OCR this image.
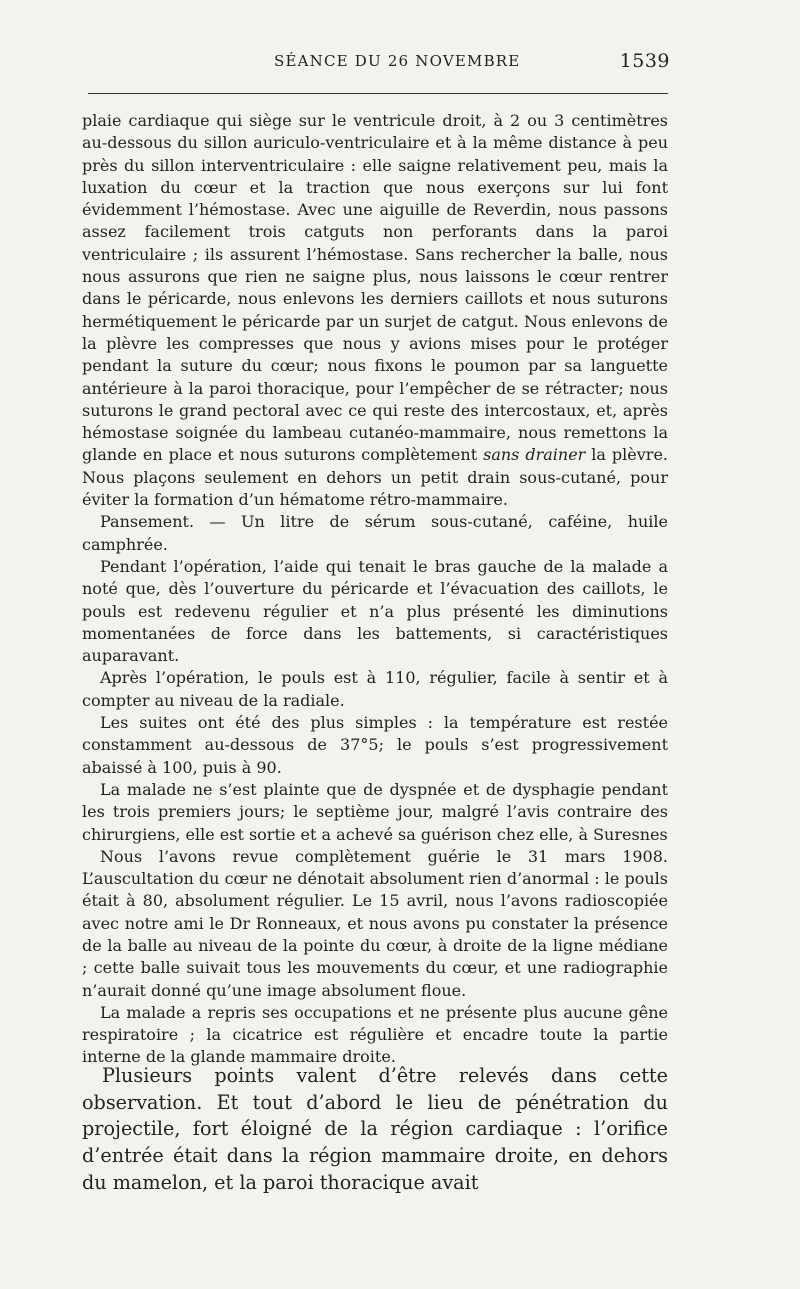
SÉANCE DU 26 NOVEMBRE	1539

plaie cardiaque qui siège sur le ventricule droit, à 2 ou 3 centimètres au-dessous du sillon auriculo-ventriculaire et à la même distance à peu près du sillon interventriculaire : elle saigne relativement peu, mais la luxation du cœur et la traction que nous exerçons sur lui font évidemment l’hémostase. Avec une aiguille de Reverdin, nous passons assez facilement trois catguts non perforants dans la paroi ventriculaire ; ils assurent l’hémostase. Sans rechercher la balle, nous nous assurons que rien ne saigne plus, nous laissons le cœur rentrer dans le péricarde, nous enlevons les derniers caillots et nous suturons hermétiquement le péricarde par un surjet de catgut. Nous enlevons de la plèvre les compresses que nous y avions mises pour le protéger pendant la suture du cœur; nous fixons le poumon par sa languette antérieure à la paroi thoracique, pour l’empêcher de se rétracter; nous suturons le grand pectoral avec ce qui reste des intercostaux, et, après hémostase soignée du lambeau cutanéo-mammaire, nous remettons la glande en place et nous suturons complètement sans drainer la plèvre. Nous plaçons seulement en dehors un petit drain sous-cutané, pour éviter la formation d’un hématome rétro-mammaire.

Pansement. — Un litre de sérum sous-cutané, caféine, huile camphrée.

Pendant l’opération, l’aide qui tenait le bras gauche de la malade a noté que, dès l’ouverture du péricarde et l’évacuation des caillots, le pouls est redevenu régulier et n’a plus présenté les diminutions momentanées de force dans les battements, si caractéristiques auparavant.

Après l’opération, le pouls est à 110, régulier, facile à sentir et à compter au niveau de la radiale.

Les suites ont été des plus simples : la température est restée constamment au-dessous de 37°5; le pouls s’est progressivement abaissé à 100, puis à 90.

La malade ne s’est plainte que de dyspnée et de dysphagie pendant les trois premiers jours; le septième jour, malgré l’avis contraire des chirurgiens, elle est sortie et a achevé sa guérison chez elle, à Suresnes

Nous l’avons revue complètement guérie le 31 mars 1908. L’auscultation du cœur ne dénotait absolument rien d’anormal : le pouls était à 80, absolument régulier. Le 15 avril, nous l’avons radioscopiée avec notre ami le Dr Ronneaux, et nous avons pu constater la présence de la balle au niveau de la pointe du cœur, à droite de la ligne médiane ; cette balle suivait tous les mouvements du cœur, et une radiographie n’aurait donné qu’une image absolument floue.

La malade a repris ses occupations et ne présente plus aucune gêne respiratoire ; la cicatrice est régulière et encadre toute la partie interne de la glande mammaire droite.

Plusieurs points valent d’être relevés dans cette observation. Et tout d’abord le lieu de pénétration du projectile, fort éloigné de la région cardiaque : l’orifice d’entrée était dans la région mammaire droite, en dehors du mamelon, et la paroi thoracique avait
